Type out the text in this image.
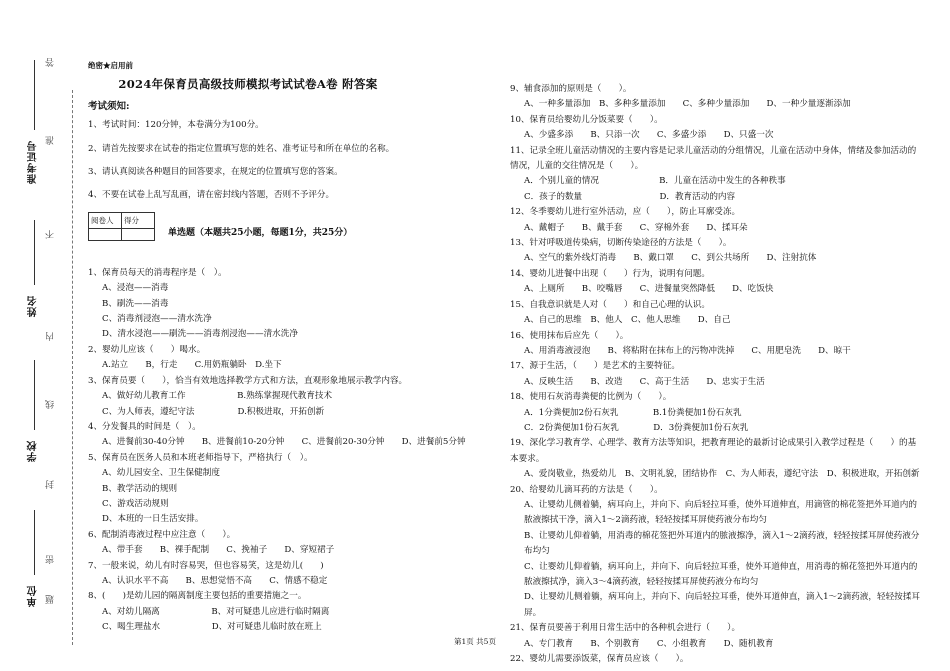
答
准
不
内
线
封
密
题
准考证号
姓名
学校
单位
绝密★启用前
2024年保育员高级技师模拟考试试卷A卷 附答案
考试须知:
1、考试时间：120分钟，本卷满分为100分。
2、请首先按要求在试卷的指定位置填写您的姓名、准考证号和所在单位的名称。
3、请认真阅读各种题目的回答要求，在规定的位置填写您的答案。
4、不要在试卷上乱写乱画，请在密封线内答题，否则不予评分。
阅卷人	得分

单选题（本题共25小题，每题1分，共25分）
1、保育员每天的消毒程序是（　）。
A、浸泡——消毒
B、刷洗——消毒
C、消毒剂浸泡——清水洗净
D、清水浸泡——刷洗——消毒剂浸泡——清水洗净
2、婴幼儿应该（　　）喝水。
A.站立　　B，行走　　C.用奶瓶躺卧　D.坐下
3、保育员要（　　），恰当有效地选择教学方式和方法，直观形象地展示教学内容。
A、做好幼儿教育工作　　　　　　B.熟练掌握现代教育技术
C、为人师表，遵纪守法　　　　　D.积极进取，开拓创新
4、分发餐具的时间是（　）。
A、进餐前30-40分钟　　B、进餐前10-20分钟　　C、进餐前20-30分钟　　D、进餐前5分钟
5、保育员在医务人员和本班老师指导下，严格执行（　）。
A、幼儿园安全、卫生保健制度
B、教学活动的规则
C、游戏活动规则
D、本班的一日生活安排。
6、配制消毒液过程中应注意（　　）。
A、带手套　　B、裸手配制　　C、挽袖子　　D、穿短裙子
7、一般来说，幼儿有时容易哭，但也容易笑，这是幼儿(　　)
A、认识水平不高　　B、思想觉悟不高　　C、情感不稳定
8、(　　)是幼儿园的隔离制度主要包括的重要措施之一。
A、对幼儿隔离　　　　　　B、对可疑患儿应进行临时隔离
C、喝生理盐水　　　　　　D、对可疑患儿临时放在班上
9、辅食添加的原则是（　　）。
A、一种多量添加　B、多种多量添加　　C、多种少量添加　　D、一种少量逐渐添加
10、保育员给婴幼儿分饭菜要（　　）。
A、少盛多添　　B、只添一次　　C、多盛少添　　D、只盛一次
11、记录全班儿童活动情况的主要内容是记录儿童活动的分组情况，儿童在活动中身体，情绪及参加活动的情况，儿童的交往情况是（　　）。
A．个别儿童的情况　　　　　　　B．儿童在活动中发生的各种秩事
C．孩子的数量　　　　　　　　　D．教育活动的内容
12、冬季婴幼儿进行室外活动，应（　　），防止耳廓受冻。
A、戴帽子　　B、戴手套　　C、穿棉外套　　D、揉耳朵
13、针对呼吸道传染病，切断传染途径的方法是（　　）。
A、空气的紫外线灯消毒　　B、戴口罩　　C、到公共场所　　D、注射抗体
14、婴幼儿进餐中出现（　　）行为，说明有问题。
A、上厕所　　B、咬嘴唇　　C、进餐量突然降低　　D、吃饭快
15、自我意识就是人对（　　）和自己心理的认识。
A、自己的思维　B、他人　C、他人思维　　D、自己
16、使用抹布后应先（　　）。
A、用消毒液浸泡　　B、将粘附在抹布上的污物冲洗掉　　C、用肥皂洗　　D、晾干
17、源于生活，（　　）是艺术的主要特征。
A、反映生活　　B、改造　　C、高于生活　　D、忠实于生活
18、使用石灰消毒粪便的比例为（　　）。
A．1分粪便加2份石灰乳　　　　B.1份粪便加1份石灰乳
C．2份粪便加1份石灰乳　　　　D．3份粪便加1份石灰乳
19、深化学习教育学、心理学、教育方法等知识，把教育理论的最新讨论成果引入教学过程是（　　）的基本要求。
A、爱岗敬业，热爱幼儿　B、文明礼貌，团结协作　C、为人师表，遵纪守法　D、积极进取，开拓创新
20、给婴幼儿滴耳药的方法是（　　）。
A、让婴幼儿侧着躺，病耳向上，并向下、向后轻拉耳垂，使外耳道伸直，用滴管的棉花签把外耳道内的脓液擦拭干净，滴入1～2滴药液，轻轻按揉耳屏使药液分布均匀
B、让婴幼儿仰着躺，用消毒的棉花签把外耳道内的脓液擦净，滴入1～2滴药液，轻轻按揉耳屏使药液分布均匀
C、让婴幼儿仰着躺，病耳向上，并向下、向后轻拉耳垂，使外耳道伸直，用消毒的棉花签把外耳道内的脓液擦拭净，滴入3～4滴药液，轻轻按揉耳屏使药液分布均匀
D、让婴幼儿侧着躺，病耳向上，并向下、向后轻拉耳垂，使外耳道伸直，滴入1～2滴药液，轻轻按揉耳屏。
21、保育员要善于利用日常生活中的各种机会进行（　　）。
A、专门教育　　B、个别教育　　C、小组教育　　D、随机教育
22、婴幼儿需要添饭菜，保育员应该（　　）。
第1页 共5页
